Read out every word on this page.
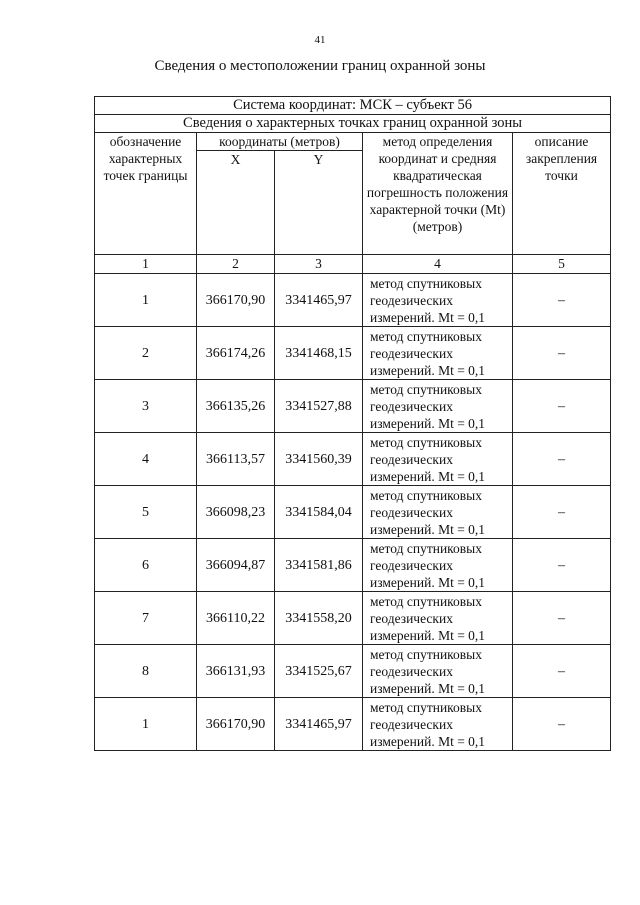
41
Сведения о местоположении границ охранной зоны
Система координат: МСК – субъект 56				
Сведения о характерных точках границ охранной зоны				
обозначение характерных точек границы	координаты (метров)		метод определения координат и средняя квадратическая погрешность положения характерной точки (Mt) (метров)	описание закрепления точки
	X	Y		
1	2	3	4	5
1	366170,90	3341465,97	метод спутниковых геодезических измерений. Mt = 0,1	–
2	366174,26	3341468,15	метод спутниковых геодезических измерений. Mt = 0,1	–
3	366135,26	3341527,88	метод спутниковых геодезических измерений. Mt = 0,1	–
4	366113,57	3341560,39	метод спутниковых геодезических измерений. Mt = 0,1	–
5	366098,23	3341584,04	метод спутниковых геодезических измерений. Mt = 0,1	–
6	366094,87	3341581,86	метод спутниковых геодезических измерений. Mt = 0,1	–
7	366110,22	3341558,20	метод спутниковых геодезических измерений. Mt = 0,1	–
8	366131,93	3341525,67	метод спутниковых геодезических измерений. Mt = 0,1	–
1	366170,90	3341465,97	метод спутниковых геодезических измерений. Mt = 0,1	–
